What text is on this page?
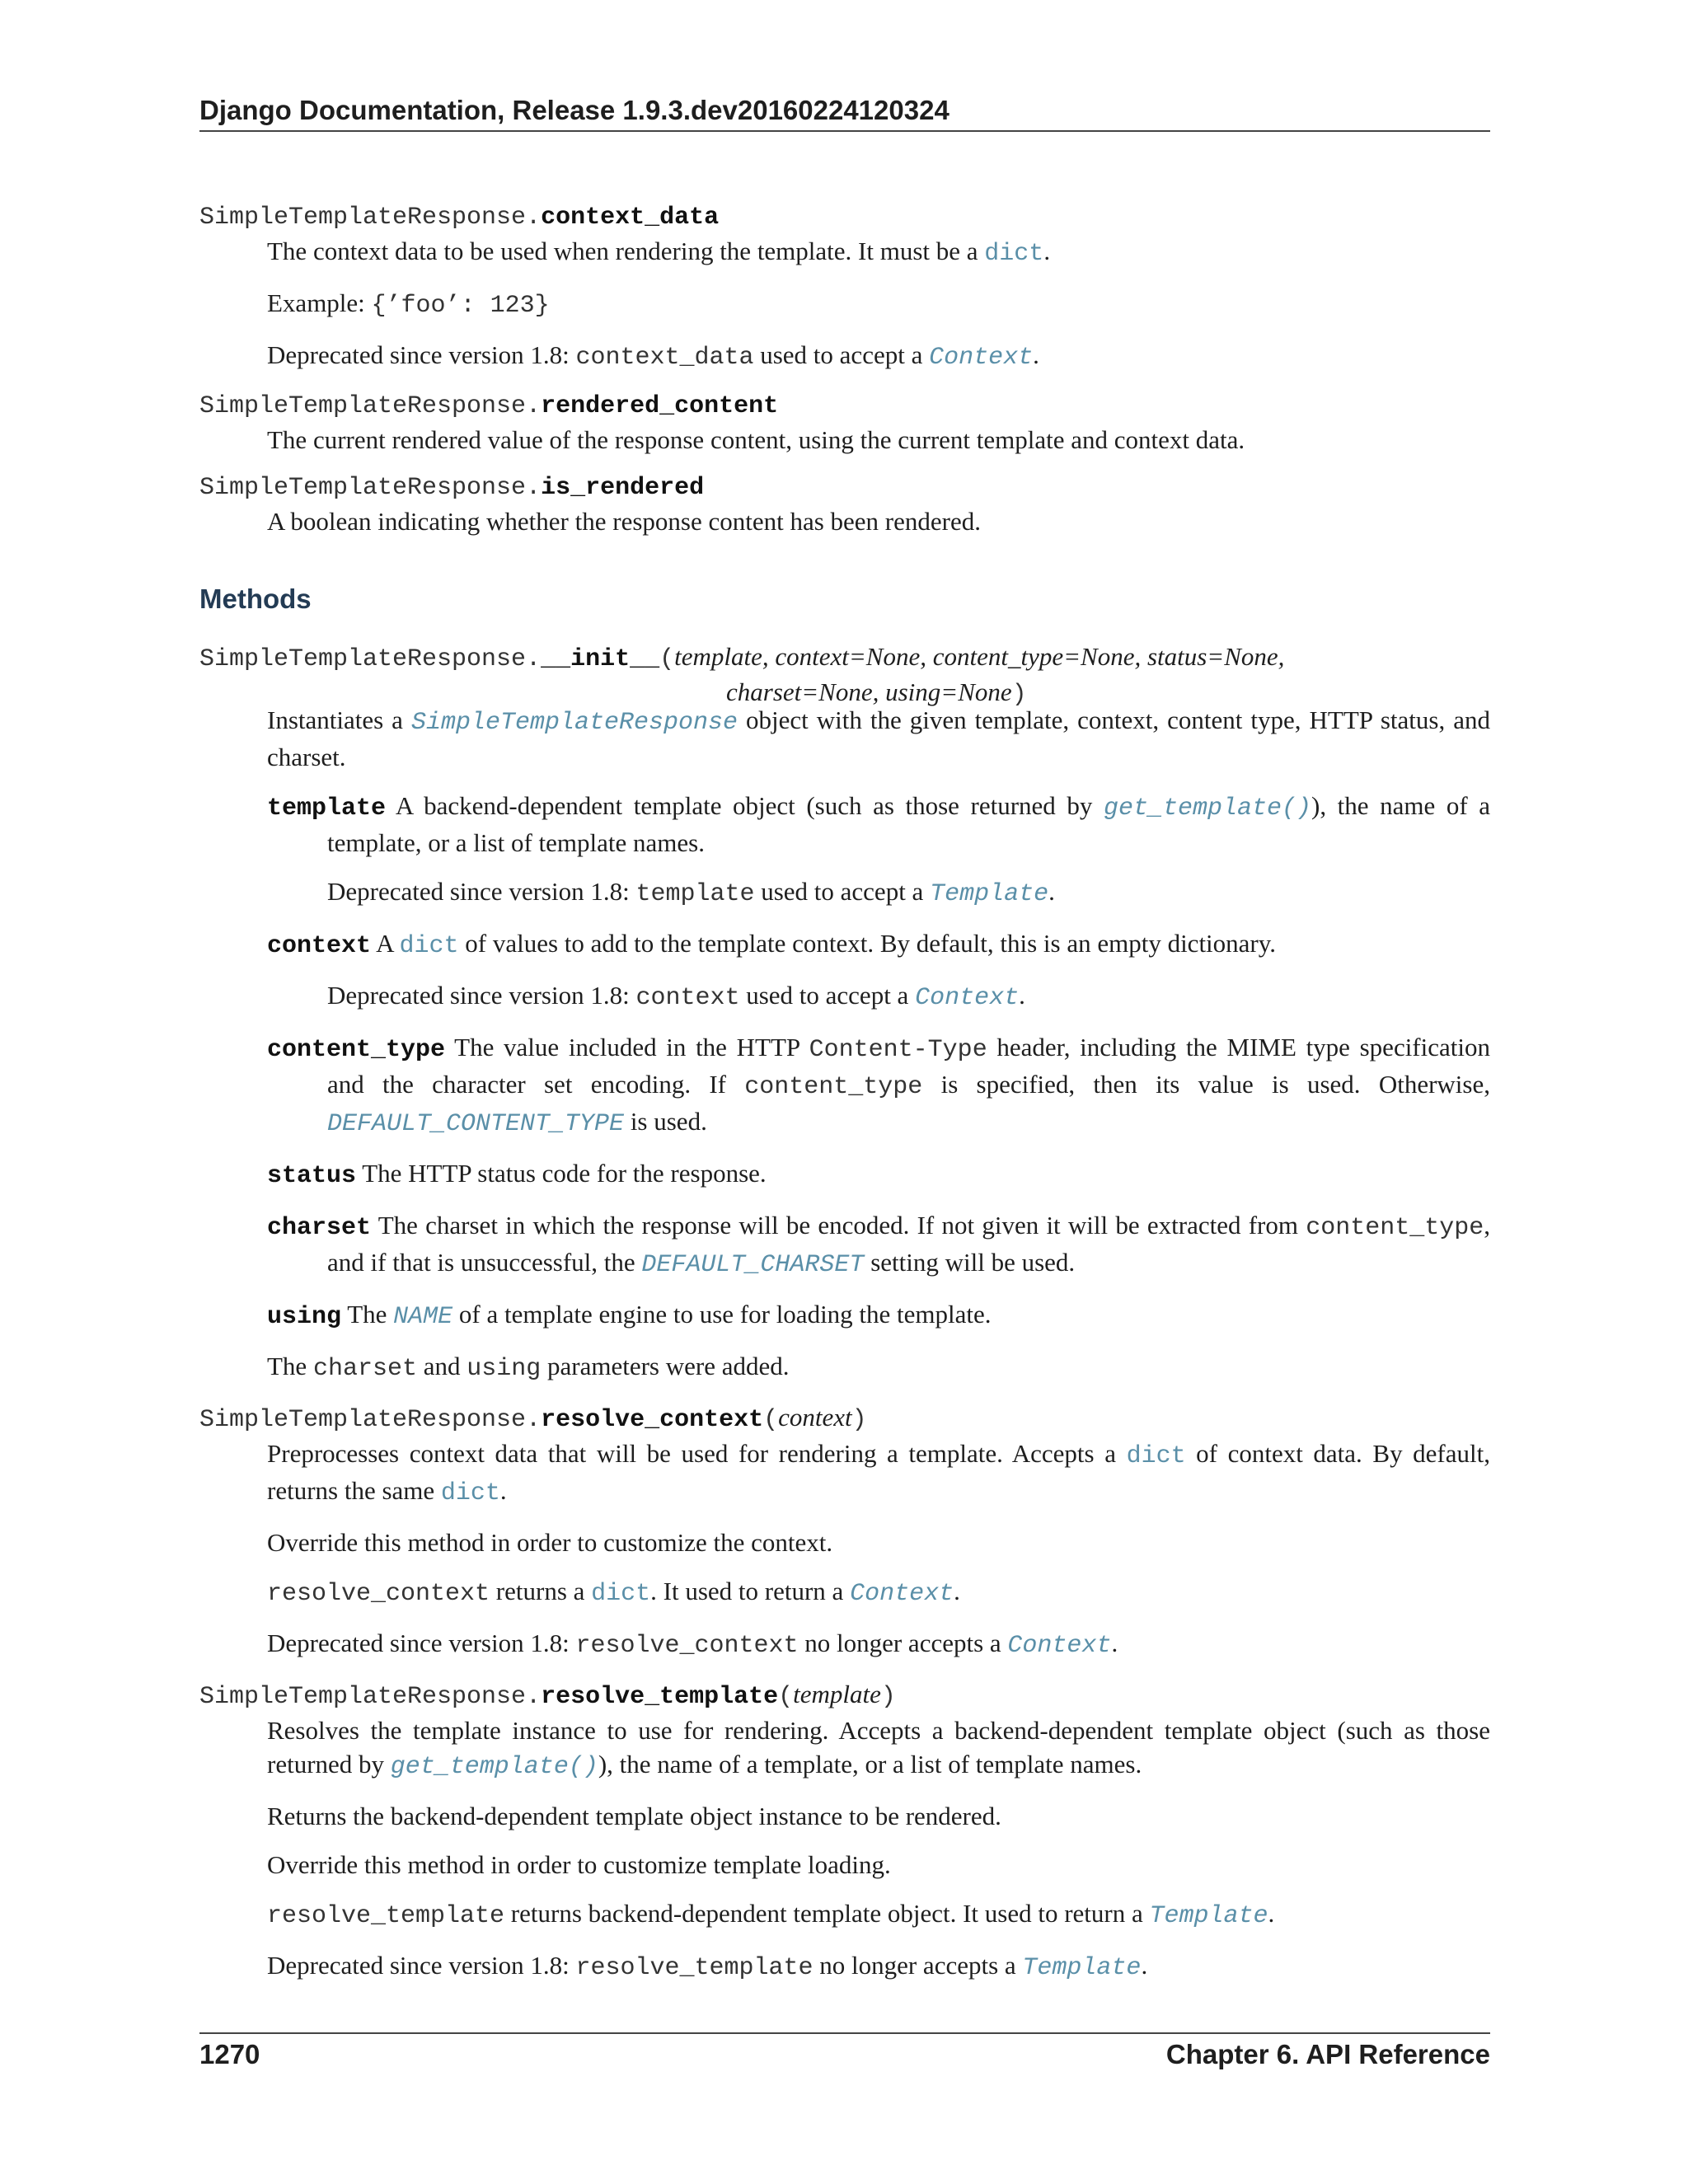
Django Documentation, Release 1.9.3.dev20160224120324
SimpleTemplateResponse.context_data

The context data to be used when rendering the template. It must be a dict.

Example: {’foo’: 123}

Deprecated since version 1.8: context_data used to accept a Context.

SimpleTemplateResponse.rendered_content

The current rendered value of the response content, using the current template and context data.

SimpleTemplateResponse.is_rendered

A boolean indicating whether the response content has been rendered.

Methods
SimpleTemplateResponse.__init__(template, context=None, content_type=None, status=None,
charset=None, using=None)

Instantiates a SimpleTemplateResponse object with the given template, context, content type, HTTP status, and charset.

template A backend-dependent template object (such as those returned by get_template()), the name of a template, or a list of template names.

Deprecated since version 1.8: template used to accept a Template.

context A dict of values to add to the template context. By default, this is an empty dictionary.

Deprecated since version 1.8: context used to accept a Context.

content_type The value included in the HTTP Content-Type header, including the MIME type specification and the character set encoding. If content_type is specified, then its value is used. Otherwise, DEFAULT_CONTENT_TYPE is used.

status The HTTP status code for the response.

charset The charset in which the response will be encoded. If not given it will be extracted from content_type, and if that is unsuccessful, the DEFAULT_CHARSET setting will be used.

using The NAME of a template engine to use for loading the template.

The charset and using parameters were added.

SimpleTemplateResponse.resolve_context(context)

Preprocesses context data that will be used for rendering a template. Accepts a dict of context data. By default, returns the same dict.

Override this method in order to customize the context.

resolve_context returns a dict. It used to return a Context.

Deprecated since version 1.8: resolve_context no longer accepts a Context.

SimpleTemplateResponse.resolve_template(template)

Resolves the template instance to use for rendering. Accepts a backend-dependent template object (such as those returned by get_template()), the name of a template, or a list of template names.

Returns the backend-dependent template object instance to be rendered.

Override this method in order to customize template loading.

resolve_template returns backend-dependent template object. It used to return a Template.

Deprecated since version 1.8: resolve_template no longer accepts a Template.

1270	Chapter 6. API Reference
